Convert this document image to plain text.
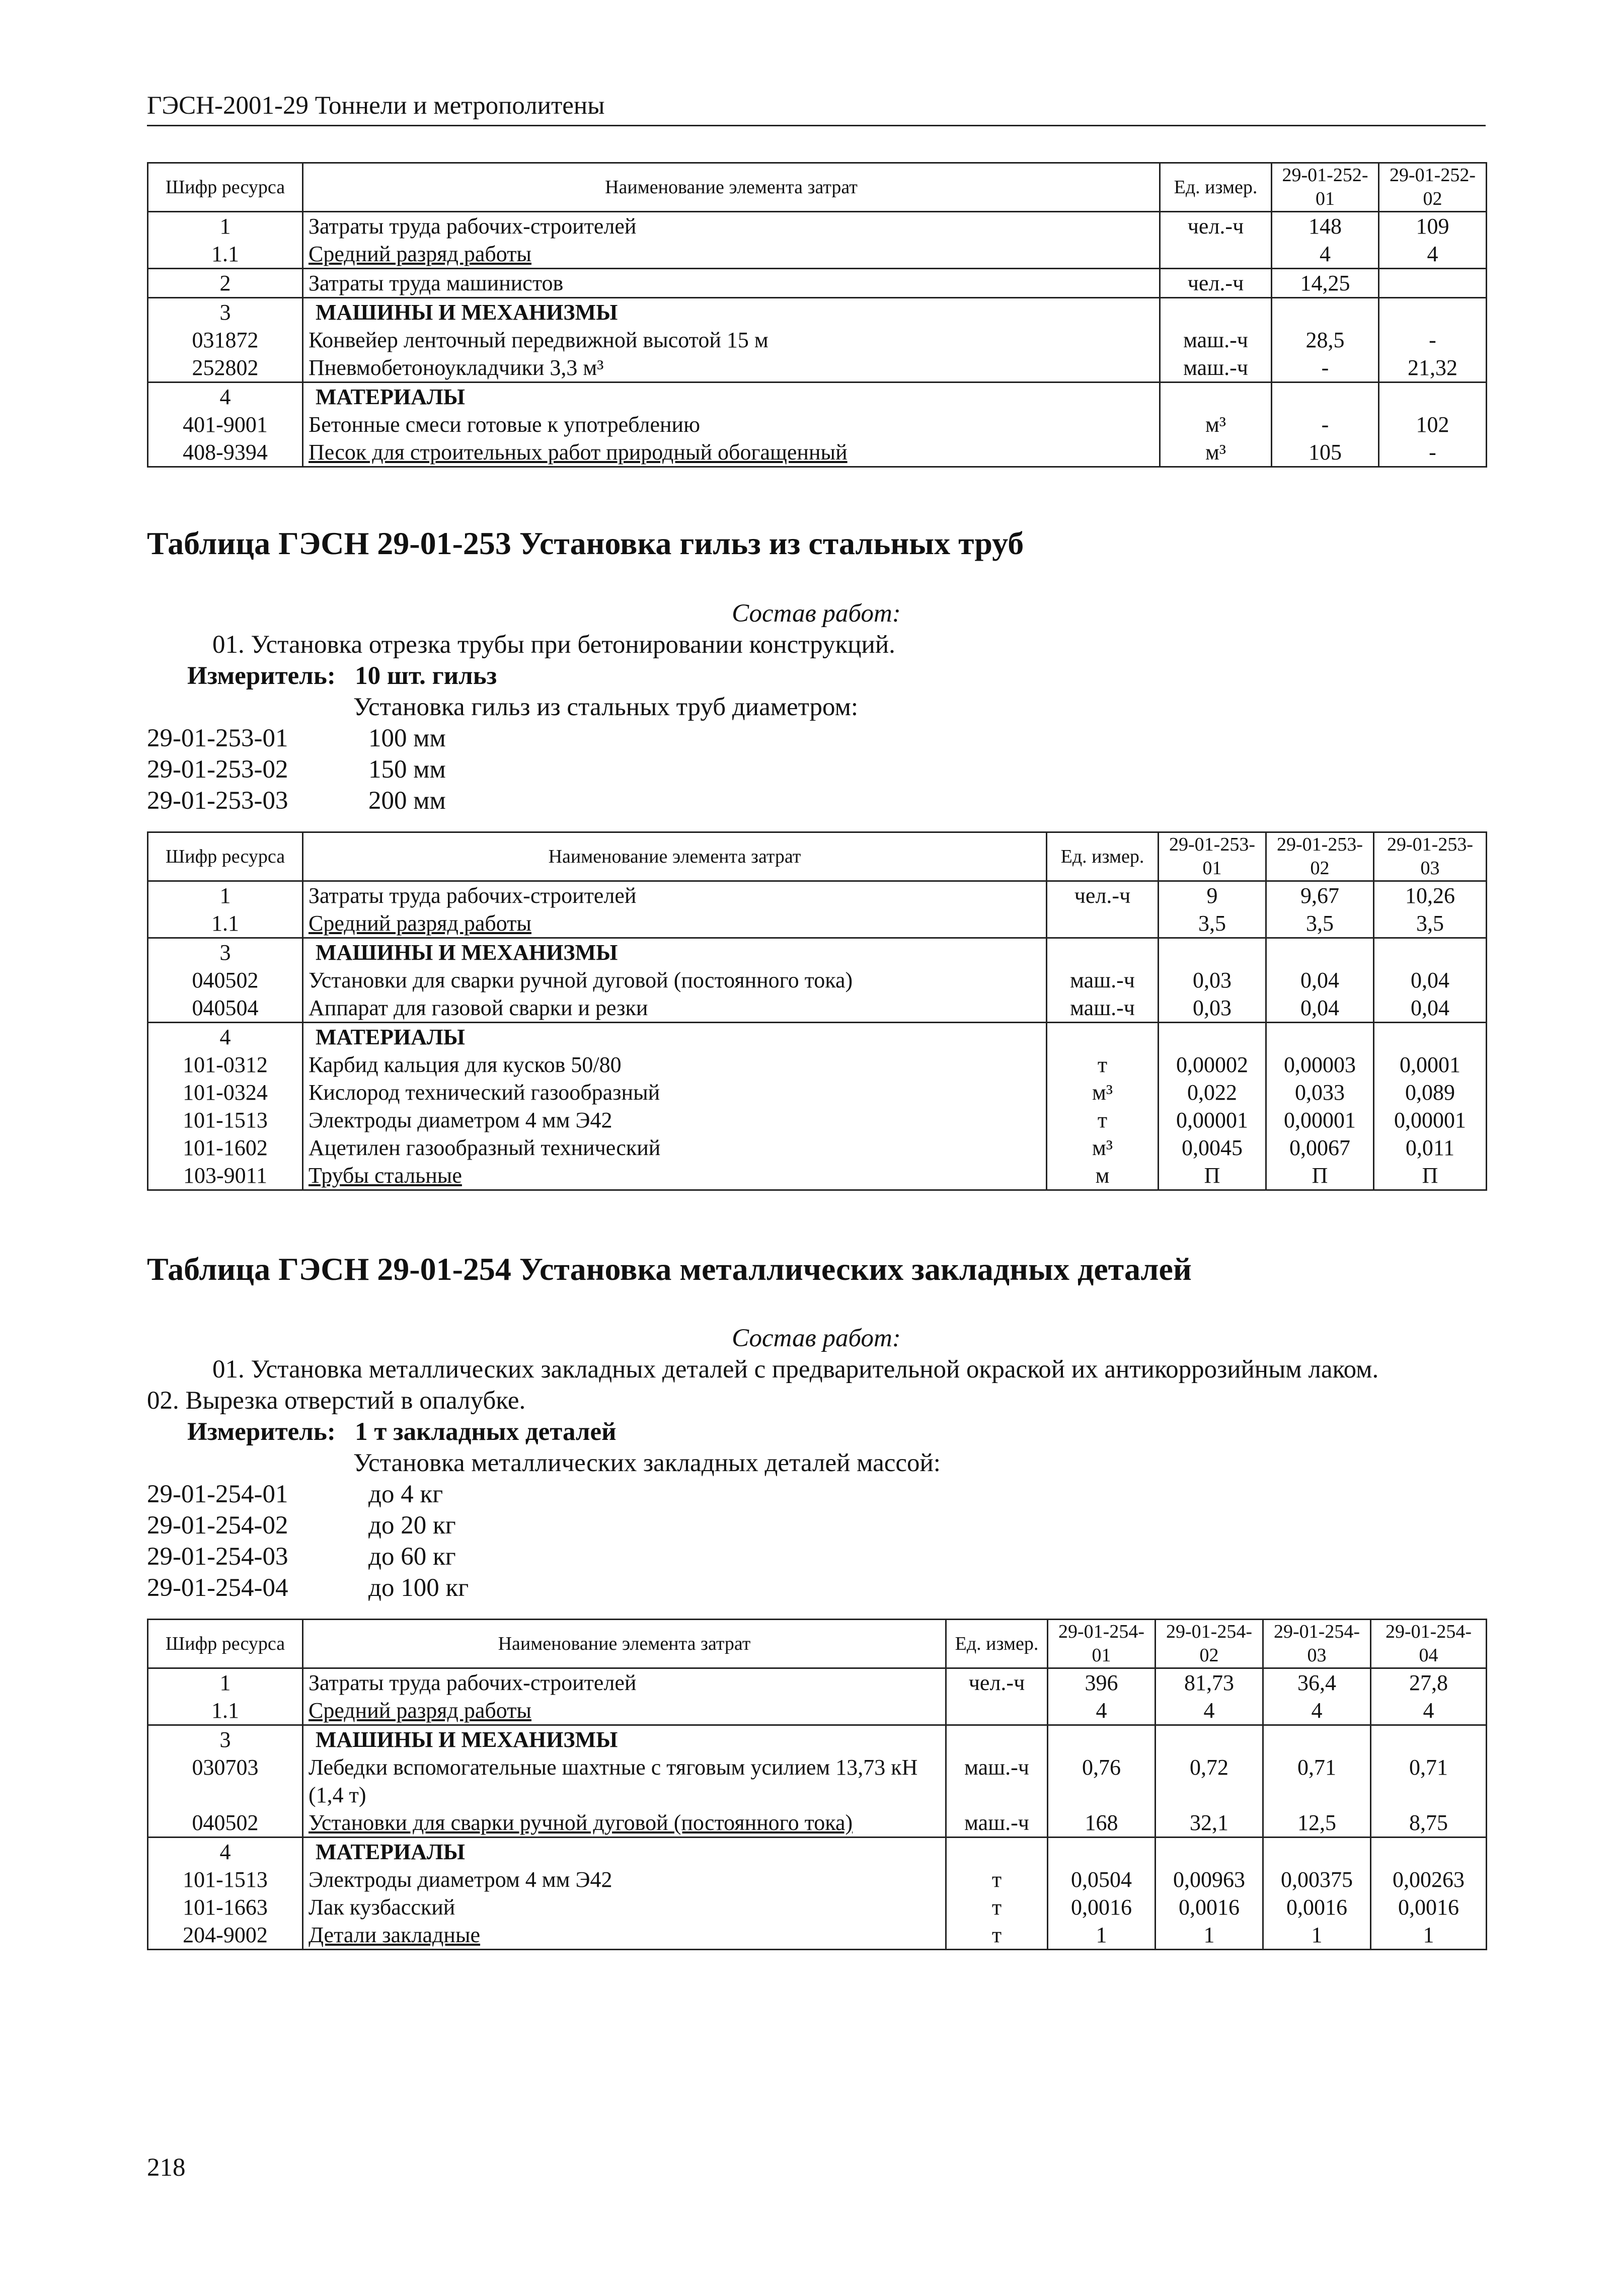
ГЭСН-2001-29 Тоннели и метрополитены
Шифр ресурса	Наименование элемента затрат	Ед. измер.	29-01-252-01	29-01-252-02
1	Затраты труда рабочих-строителей	чел.-ч	148	109
1.1	Средний разряд работы		4	4
2	Затраты труда машинистов	чел.-ч	14,25	
3	МАШИНЫ И МЕХАНИЗМЫ			
031872	Конвейер ленточный передвижной высотой 15 м	маш.-ч	28,5	-
252802	Пневмобетоноукладчики 3,3 м³	маш.-ч	-	21,32
4	МАТЕРИАЛЫ			
401-9001	Бетонные смеси готовые к употреблению	м³	-	102
408-9394	Песок для строительных работ природный обогащенный	м³	105	-
Таблица ГЭСН 29-01-253 Установка гильз из стальных труб
Состав работ:
01. Установка отрезка трубы при бетонировании конструкций.
Измеритель: 10 шт. гильз
Установка гильз из стальных труб диаметром:
29-01-253-01	100 мм
29-01-253-02	150 мм
29-01-253-03	200 мм
Шифр ресурса	Наименование элемента затрат	Ед. измер.	29-01-253-01	29-01-253-02	29-01-253-03
1	Затраты труда рабочих-строителей	чел.-ч	9	9,67	10,26
1.1	Средний разряд работы		3,5	3,5	3,5
3	МАШИНЫ И МЕХАНИЗМЫ				
040502	Установки для сварки ручной дуговой (постоянного тока)	маш.-ч	0,03	0,04	0,04
040504	Аппарат для газовой сварки и резки	маш.-ч	0,03	0,04	0,04
4	МАТЕРИАЛЫ				
101-0312	Карбид кальция для кусков 50/80	т	0,00002	0,00003	0,0001
101-0324	Кислород технический газообразный	м³	0,022	0,033	0,089
101-1513	Электроды диаметром 4 мм Э42	т	0,00001	0,00001	0,00001
101-1602	Ацетилен газообразный технический	м³	0,0045	0,0067	0,011
103-9011	Трубы стальные	м	П	П	П
Таблица ГЭСН 29-01-254 Установка металлических закладных деталей
Состав работ:
01. Установка металлических закладных деталей с предварительной окраской их антикоррозийным лаком.
02. Вырезка отверстий в опалубке.
Измеритель: 1 т закладных деталей
Установка металлических закладных деталей массой:
29-01-254-01	до 4 кг
29-01-254-02	до 20 кг
29-01-254-03	до 60 кг
29-01-254-04	до 100 кг
Шифр ресурса	Наименование элемента затрат	Ед. измер.	29-01-254-01	29-01-254-02	29-01-254-03	29-01-254-04
1	Затраты труда рабочих-строителей	чел.-ч	396	81,73	36,4	27,8
1.1	Средний разряд работы		4	4	4	4
3	МАШИНЫ И МЕХАНИЗМЫ					
030703	Лебедки вспомогательные шахтные с тяговым усилием 13,73 кН (1,4 т)	маш.-ч	0,76	0,72	0,71	0,71
040502	Установки для сварки ручной дуговой (постоянного тока)	маш.-ч	168	32,1	12,5	8,75
4	МАТЕРИАЛЫ					
101-1513	Электроды диаметром 4 мм Э42	т	0,0504	0,00963	0,00375	0,00263
101-1663	Лак кузбасский	т	0,0016	0,0016	0,0016	0,0016
204-9002	Детали закладные	т	1	1	1	1
218
